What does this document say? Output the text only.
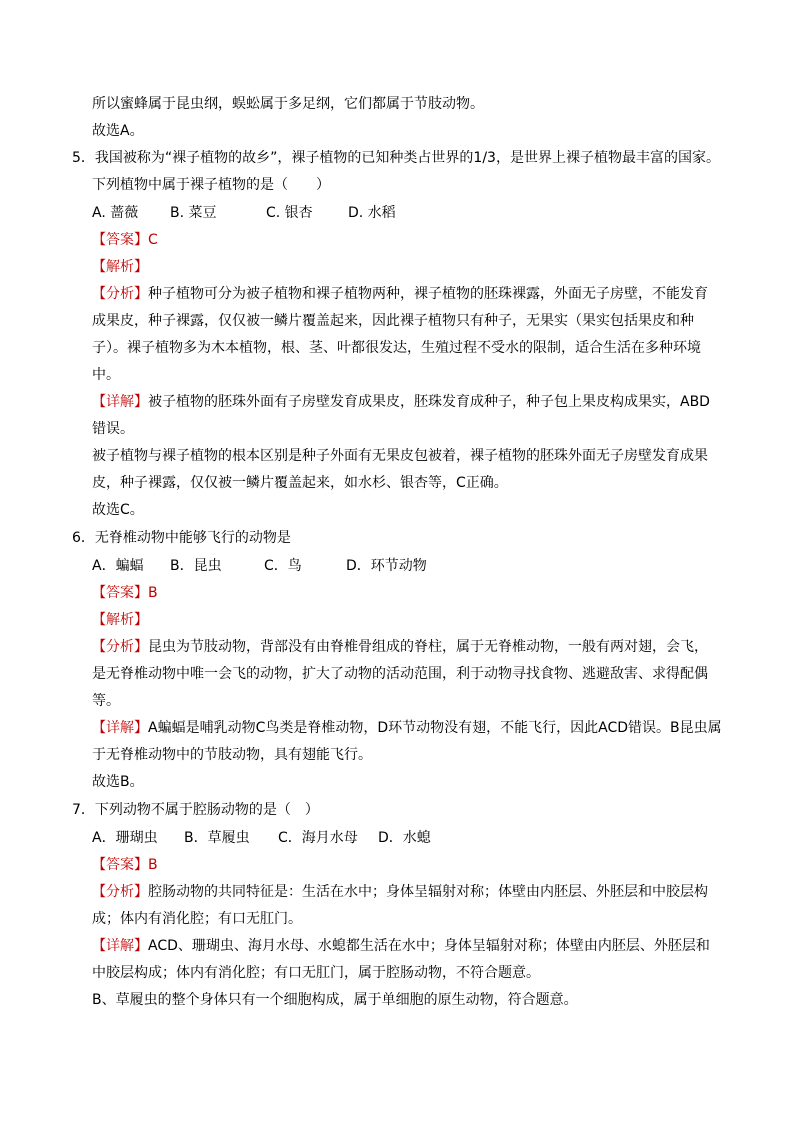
所以蜜蜂属于昆虫纲，蜈蚣属于多足纲，它们都属于节肢动物。
故选A。
5．我国被称为“裸子植物的故乡”，裸子植物的已知种类占世界的1/3，是世界上裸子植物最丰富的国家。
下列植物中属于裸子植物的是（　　）
A. 蔷薇 B. 菜豆	C. 银杏	D. 水稻
【答案】C
【解析】
【分析】种子植物可分为被子植物和裸子植物两种，裸子植物的胚珠裸露，外面无子房壁，不能发育
成果皮，种子裸露，仅仅被一鳞片覆盖起来，因此裸子植物只有种子，无果实（果实包括果皮和种
子）。裸子植物多为木本植物，根、茎、叶都很发达，生殖过程不受水的限制，适合生活在多种环境
中。
【详解】被子植物的胚珠外面有子房壁发育成果皮，胚珠发育成种子，种子包上果皮构成果实，ABD
错误。
被子植物与裸子植物的根本区别是种子外面有无果皮包被着，裸子植物的胚珠外面无子房壁发育成果
皮，种子裸露，仅仅被一鳞片覆盖起来，如水杉、银杏等，C正确。
故选C。
6．无脊椎动物中能够飞行的动物是
A．蝙蝠 B．昆虫	C．鸟	D．环节动物
【答案】B
【解析】
【分析】昆虫为节肢动物，背部没有由脊椎骨组成的脊柱，属于无脊椎动物，一般有两对翅，会飞，
是无脊椎动物中唯一会飞的动物，扩大了动物的活动范围，利于动物寻找食物、逃避敌害、求得配偶
等。
【详解】A蝙蝠是哺乳动物C鸟类是脊椎动物，D环节动物没有翅，不能飞行，因此ACD错误。B昆虫属
于无脊椎动物中的节肢动物，具有翅能飞行。
故选B。
7．下列动物不属于腔肠动物的是（　）
A．珊瑚虫 B．草履虫 C．海月水母 D．水螅
【答案】B
【分析】腔肠动物的共同特征是：生活在水中；身体呈辐射对称；体壁由内胚层、外胚层和中胶层构
成；体内有消化腔；有口无肛门。
【详解】ACD、珊瑚虫、海月水母、水螅都生活在水中；身体呈辐射对称；体壁由内胚层、外胚层和
中胶层构成；体内有消化腔；有口无肛门，属于腔肠动物，不符合题意。
B、草履虫的整个身体只有一个细胞构成，属于单细胞的原生动物，符合题意。
